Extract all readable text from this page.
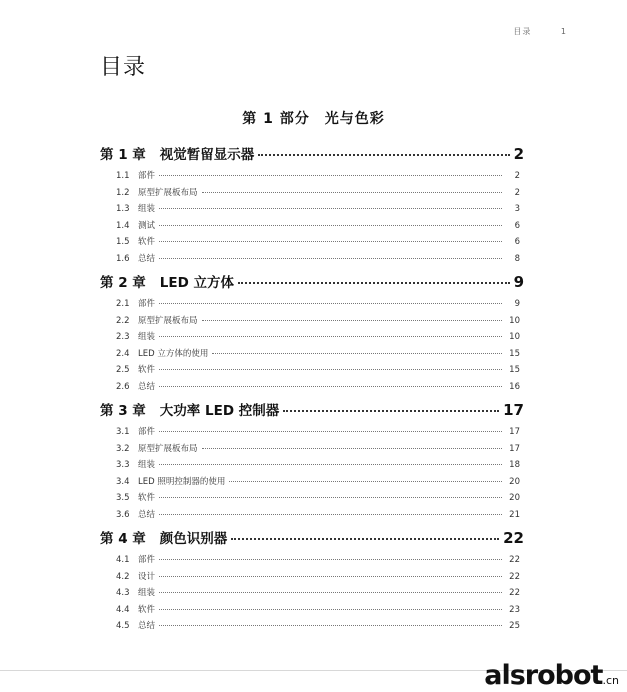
目录	1
目录
第 1 部分　光与色彩
第 1 章 视觉暂留显示器	2
1.1 部件	2
1.2 原型扩展板布局	2
1.3 组装	3
1.4 测试	6
1.5 软件	6
1.6 总结	8
第 2 章 LED 立方体	9
2.1 部件	9
2.2 原型扩展板布局	10
2.3 组装	10
2.4 LED 立方体的使用	15
2.5 软件	15
2.6 总结	16
第 3 章 大功率 LED 控制器	17
3.1 部件	17
3.2 原型扩展板布局	17
3.3 组装	18
3.4 LED 照明控制器的使用	20
3.5 软件	20
3.6 总结	21
第 4 章 颜色识别器	22
4.1 部件	22
4.2 设计	22
4.3 组装	22
4.4 软件	23
4.5 总结	25
alsrobot.cn
